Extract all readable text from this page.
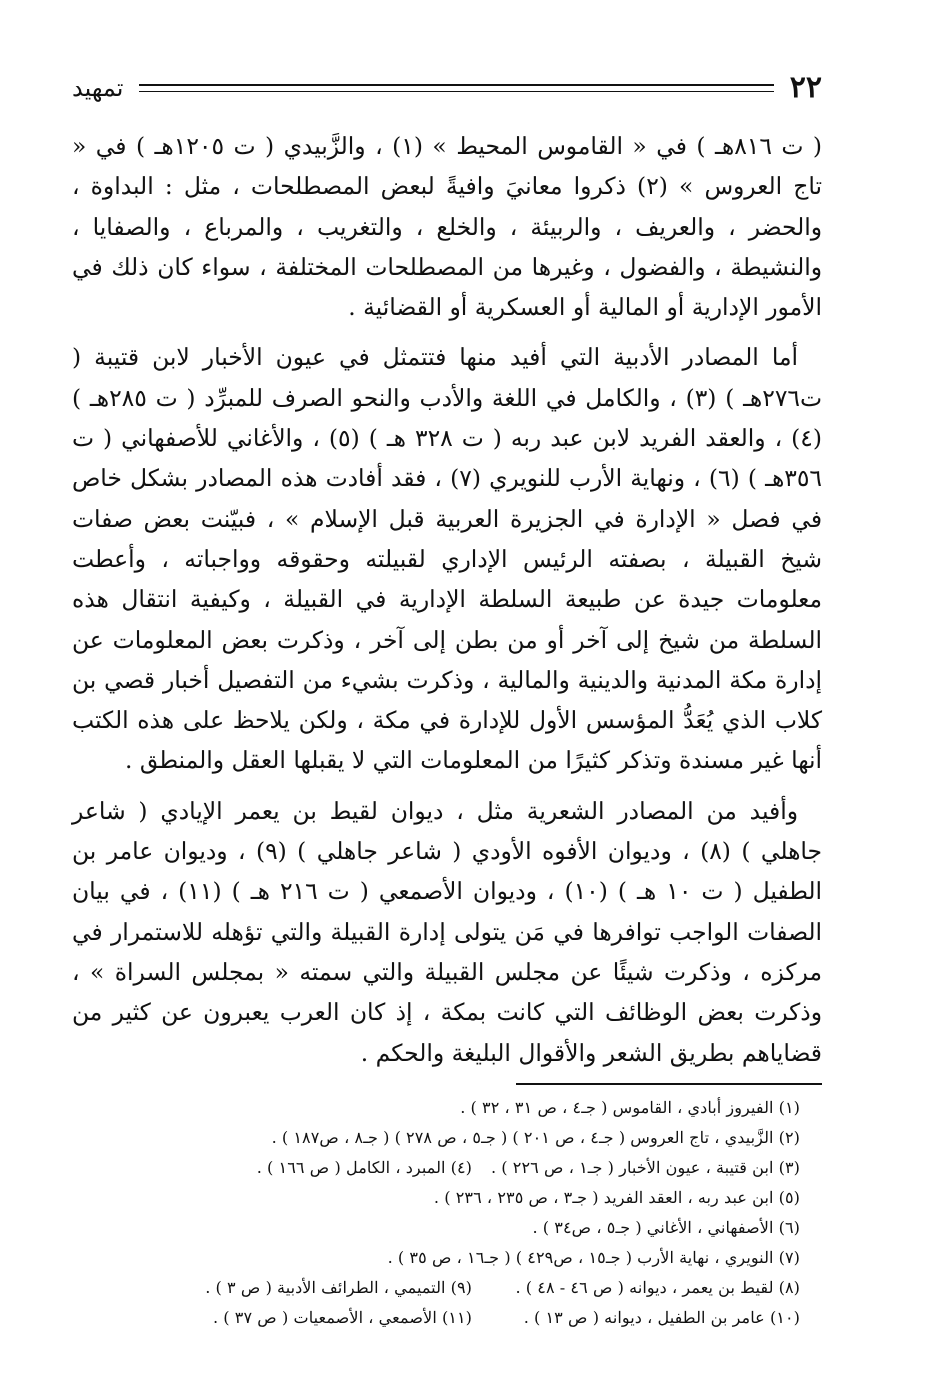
٢٢
تمهيد

( ت ٨١٦هـ ) في « القاموس المحيط » (١) ، والزَّبيدي ( ت ١٢٠٥هـ ) في « تاج العروس » (٢) ذكروا معانيَ وافيةً لبعض المصطلحات ، مثل : البداوة ، والحضر ، والعريف ، والربيئة ، والخلع ، والتغريب ، والمرباع ، والصفايا ، والنشيطة ، والفضول ، وغيرها من المصطلحات المختلفة ، سواء كان ذلك في الأمور الإدارية أو المالية أو العسكرية أو القضائية .

أما المصادر الأدبية التي أفيد منها فتتمثل في عيون الأخبار لابن قتيبة ( ت٢٧٦هـ ) (٣) ، والكامل في اللغة والأدب والنحو الصرف للمبرِّد ( ت ٢٨٥هـ ) (٤) ، والعقد الفريد لابن عبد ربه ( ت ٣٢٨ هـ ) (٥) ، والأغاني للأصفهاني ( ت ٣٥٦هـ ) (٦) ، ونهاية الأرب للنويري (٧) ، فقد أفادت هذه المصادر بشكل خاص في فصل « الإدارة في الجزيرة العربية قبل الإسلام » ، فبيّنت بعض صفات شيخ القبيلة ، بصفته الرئيس الإداري لقبيلته وحقوقه وواجباته ، وأعطت معلومات جيدة عن طبيعة السلطة الإدارية في القبيلة ، وكيفية انتقال هذه السلطة من شيخ إلى آخر أو من بطن إلى آخر ، وذكرت بعض المعلومات عن إدارة مكة المدنية والدينية والمالية ، وذكرت بشيء من التفصيل أخبار قصي بن كلاب الذي يُعَدُّ المؤسس الأول للإدارة في مكة ، ولكن يلاحظ على هذه الكتب أنها غير مسندة وتذكر كثيرًا من المعلومات التي لا يقبلها العقل والمنطق .

وأفيد من المصادر الشعرية مثل ، ديوان لقيط بن يعمر الإيادي ( شاعر جاهلي ) (٨) ، وديوان الأفوه الأودي ( شاعر جاهلي ) (٩) ، وديوان عامر بن الطفيل ( ت ١٠ هـ ) (١٠) ، وديوان الأصمعي ( ت ٢١٦ هـ ) (١١) ، في بيان الصفات الواجب توافرها في مَن يتولى إدارة القبيلة والتي تؤهله للاستمرار في مركزه ، وذكرت شيئًا عن مجلس القبيلة والتي سمته « بمجلس السراة » ، وذكرت بعض الوظائف التي كانت بمكة ، إذ كان العرب يعبرون عن كثير من قضاياهم بطريق الشعر والأقوال البليغة والحكم .

(١) الفيروز أبادي ، القاموس ( جـ٤ ، ص ٣١ ، ٣٢ ) .
(٢) الزَّبيدي ، تاج العروس ( جـ٤ ، ص ٢٠١ ) ( جـ٥ ، ص ٢٧٨ ) ( جـ٨ ، ص١٨٧ ) .
(٣) ابن قتيبة ، عيون الأخبار ( جـ١ ، ص ٢٢٦ ) .
(٤) المبرد ، الكامل ( ص ١٦٦ ) .
(٥) ابن عبد ربه ، العقد الفريد ( جـ٣ ، ص ٢٣٥ ، ٢٣٦ ) .
(٦) الأصفهاني ، الأغاني ( جـ٥ ، ص٣٤ ) .
(٧) النويري ، نهاية الأرب ( جـ١٥ ، ص٤٢٩ ) ( جـ١٦ ، ص ٣٥ ) .
(٨) لقيط بن يعمر ، ديوانه ( ص ٤٦ - ٤٨ ) .
(٩) التميمي ، الطرائف الأدبية ( ص ٣ ) .
(١٠) عامر بن الطفيل ، ديوانه ( ص ١٣ ) .
(١١) الأصمعي ، الأصمعيات ( ص ٣٧ ) .
